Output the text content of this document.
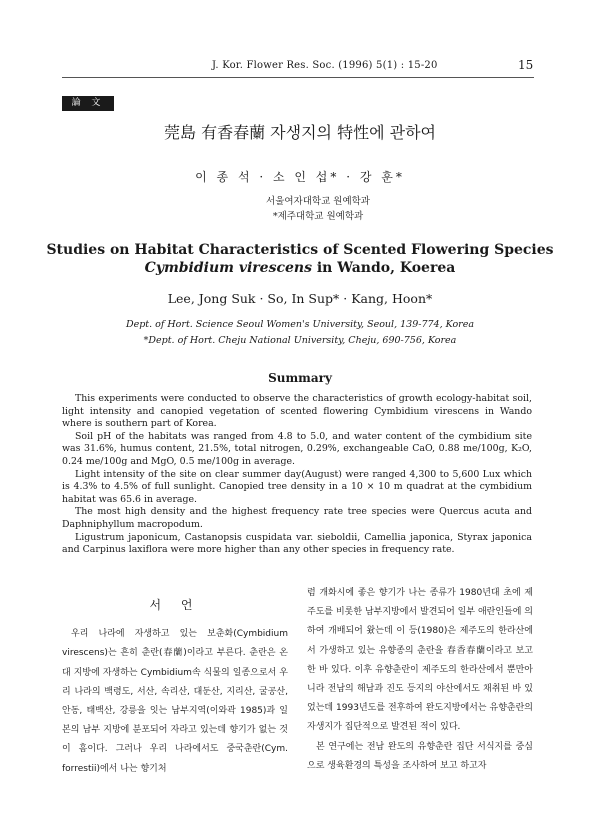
J. Kor. Flower Res. Soc. (1996) 5(1) : 15-20	15
論 文
莞島 有香春蘭 자생지의 特性에 관하여
이 종 석 · 소 인 섭* · 강 훈*
서울여자대학교 원예학과
*제주대학교 원예학과
Studies on Habitat Characteristics of Scented Flowering Species
Cymbidium virescens in Wando, Koerea
Lee, Jong Suk · So, In Sup* · Kang, Hoon*
Dept. of Hort. Science Seoul Women's University, Seoul, 139-774, Korea
*Dept. of Hort. Cheju National University, Cheju, 690-756, Korea
Summary

This experiments were conducted to observe the characteristics of growth ecology-habitat soil, light intensity and canopied vegetation of scented flowering Cymbidium virescens in Wando where is southern part of Korea.

Soil pH of the habitats was ranged from 4.8 to 5.0, and water content of the cymbidium site was 31.6%, humus content, 21.5%, total nitrogen, 0.29%, exchangeable CaO, 0.88 me/100g, K₂O, 0.24 me/100g and MgO, 0.5 me/100g in average.

Light intensity of the site on clear summer day(August) were ranged 4,300 to 5,600 Lux which is 4.3% to 4.5% of full sunlight. Canopied tree density in a 10 × 10 m quadrat at the cymbidium habitat was 65.6 in average.

The most high density and the highest frequency rate tree species were Quercus acuta and Daphniphyllum macropodum.

Ligustrum japonicum, Castanopsis cuspidata var. sieboldii, Camellia japonica, Styrax japonica and Carpinus laxiflora were more higher than any other species in frequency rate.

서 언

우리 나라에 자생하고 있는 보춘화(Cymbidium virescens)는 흔히 춘란(春蘭)이라고 부른다. 춘란은 온대 지방에 자생하는 Cymbidium속 식물의 일종으로서 우리 나라의 백령도, 서산, 속리산, 대둔산, 지리산, 굴공산, 안동, 태백산, 강릉을 잇는 남부지역(이와곽 1985)과 일본의 남부 지방에 분포되어 자라고 있는데 향기가 없는 것이 흠이다. 그러나 우리 나라에서도 중국춘란(Cym. forrestii)에서 나는 향기처

럼 개화시에 좋은 향기가 나는 종류가 1980년대 초에 제주도를 비롯한 남부지방에서 발견되어 일부 애란인들에 의하여 개배되어 왔는데 이 등(1980)은 제주도의 한라산에서 가생하고 있는 유향종의 춘란을 春香春蘭이라고 보고한 바 있다. 이후 유향춘란이 제주도의 한라산에서 뿐만아니라 전남의 해남과 진도 등지의 야산에서도 채취된 바 있었는데 1993년도를 전후하여 완도지방에서는 유향춘란의 자생지가 집단적으로 발견된 적이 있다.

본 연구에는 전남 완도의 유향춘란 집단 서식지를 중심으로 생육환경의 특성을 조사하여 보고 하고자
